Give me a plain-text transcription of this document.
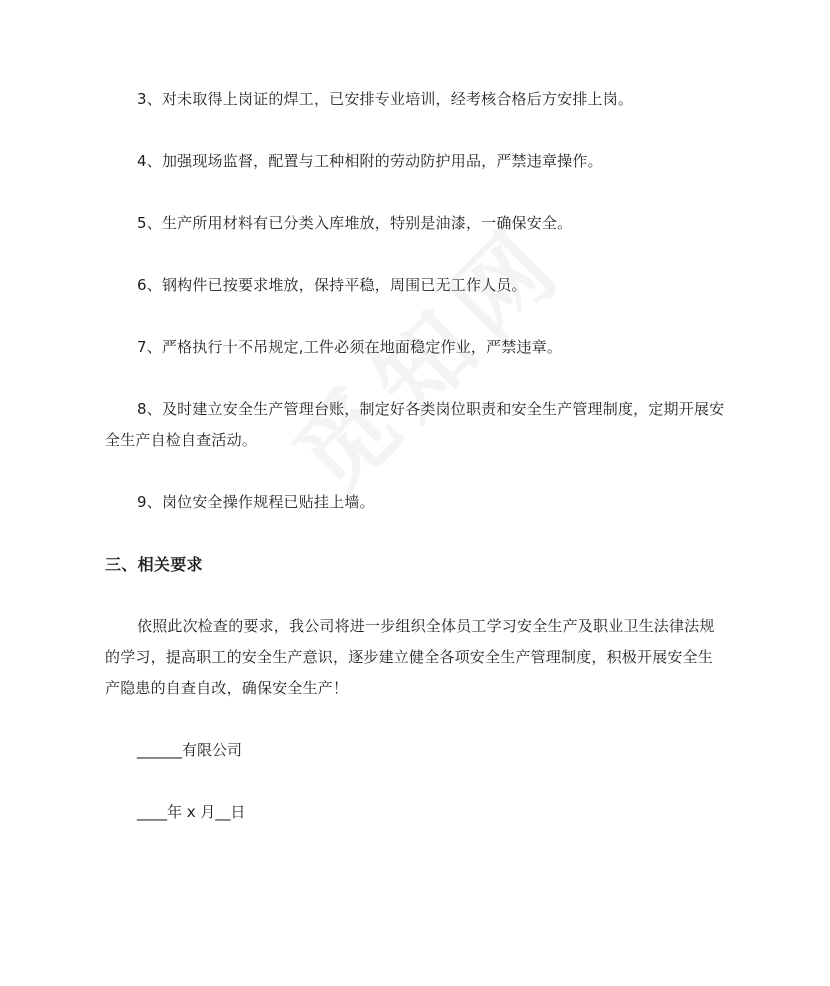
3、对未取得上岗证的焊工，已安排专业培训，经考核合格后方安排上岗。

4、加强现场监督，配置与工种相附的劳动防护用品，严禁违章操作。

5、生产所用材料有已分类入库堆放，特别是油漆，一确保安全。

6、钢构件已按要求堆放，保持平稳，周围已无工作人员。

7、严格执行十不吊规定,工件必须在地面稳定作业，严禁违章。

8、及时建立安全生产管理台账，制定好各类岗位职责和安全生产管理制度，定期开展安全生产自检自查活动。

9、岗位安全操作规程已贴挂上墙。

三、相关要求

依照此次检查的要求，我公司将进一步组织全体员工学习安全生产及职业卫生法律法规的学习，提高职工的安全生产意识，逐步建立健全各项安全生产管理制度，积极开展安全生产隐患的自查自改，确保安全生产！

______有限公司

____年 x 月__日
